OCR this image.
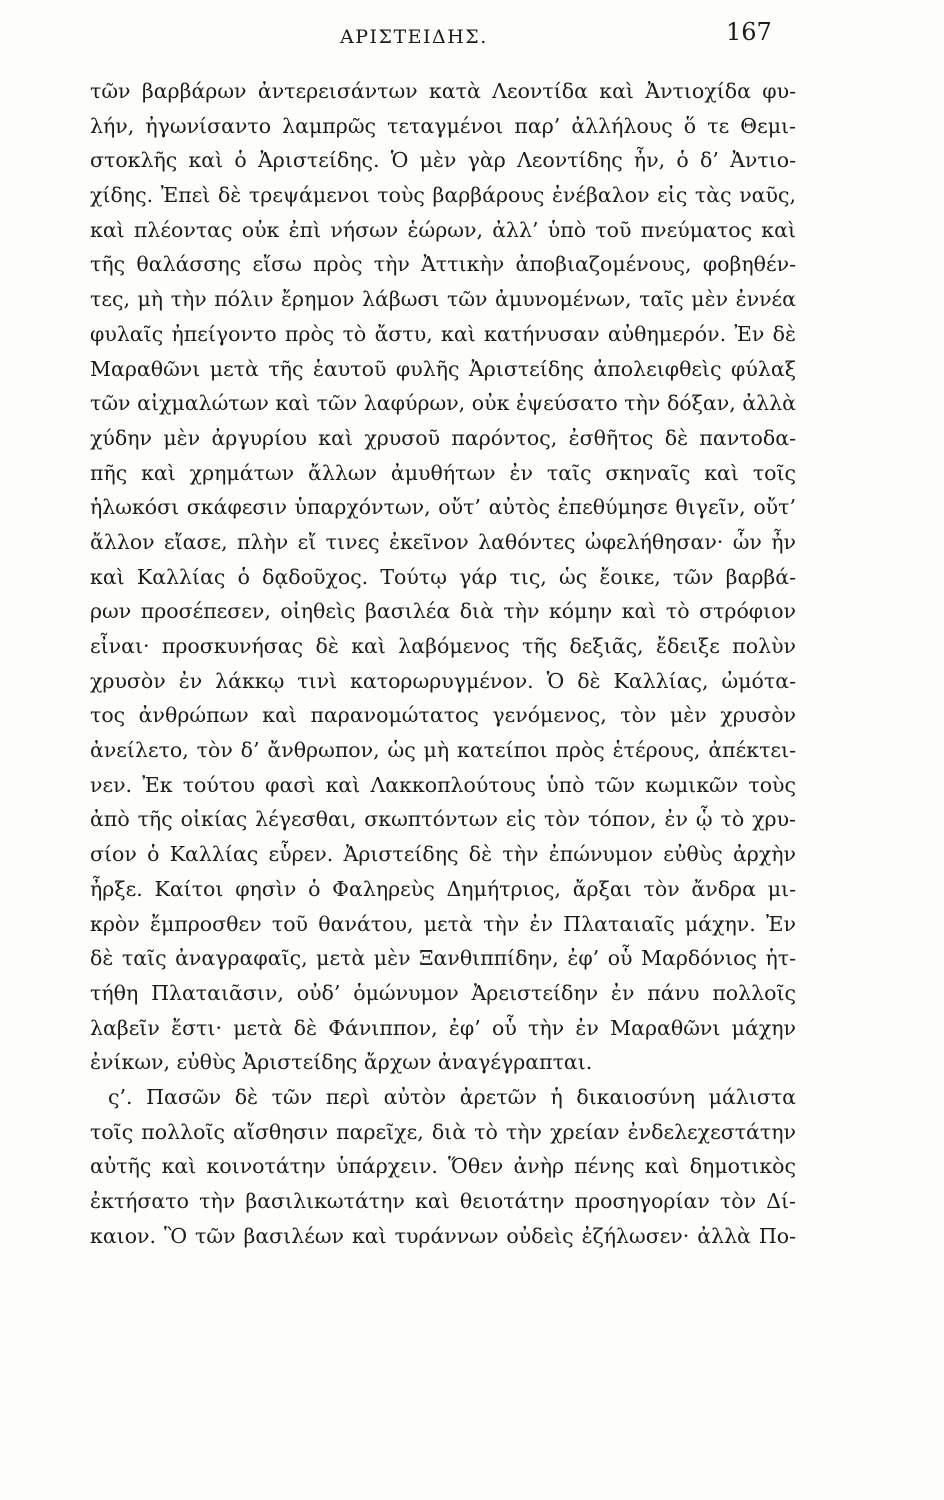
ΑΡΙΣΤΕΙΔΗΣ.	167
τῶν βαρβάρων ἀντερεισάντων κατὰ Λεοντίδα καὶ Ἀντιοχίδα φυ-
λήν, ἠγωνίσαντο λαμπρῶς τεταγμένοι παρ’ ἀλλήλους ὅ τε Θεμι-
στοκλῆς καὶ ὁ Ἀριστείδης. Ὁ μὲν γὰρ Λεοντίδης ἦν, ὁ δ’ Ἀντιο-
χίδης. Ἐπεὶ δὲ τρεψάμενοι τοὺς βαρβάρους ἐνέβαλον εἰς τὰς ναῦς,
καὶ πλέοντας οὐκ ἐπὶ νήσων ἑώρων, ἀλλ’ ὑπὸ τοῦ πνεύματος καὶ
τῆς θαλάσσης εἴσω πρὸς τὴν Ἀττικὴν ἀποβιαζομένους, φοβηθέν-
τες, μὴ τὴν πόλιν ἔρημον λάβωσι τῶν ἀμυνομένων, ταῖς μὲν ἐννέα
φυλαῖς ἠπείγοντο πρὸς τὸ ἄστυ, καὶ κατήνυσαν αὐθημερόν. Ἐν δὲ
Μαραθῶνι μετὰ τῆς ἑαυτοῦ φυλῆς Ἀριστείδης ἀπολειφθεὶς φύλαξ
τῶν αἰχμαλώτων καὶ τῶν λαφύρων, οὐκ ἐψεύσατο τὴν δόξαν, ἀλλὰ
χύδην μὲν ἀργυρίου καὶ χρυσοῦ παρόντος, ἐσθῆτος δὲ παντοδα-
πῆς καὶ χρημάτων ἄλλων ἀμυθήτων ἐν ταῖς σκηναῖς καὶ τοῖς
ἡλωκόσι σκάφεσιν ὑπαρχόντων, οὔτ’ αὐτὸς ἐπεθύμησε θιγεῖν, οὔτ’
ἄλλον εἴασε, πλὴν εἴ τινες ἐκεῖνον λαθόντες ὠφελήθησαν· ὧν ἦν
καὶ Καλλίας ὁ δᾳδοῦχος. Τούτῳ γάρ τις, ὡς ἔοικε, τῶν βαρβά-
ρων προσέπεσεν, οἰηθεὶς βασιλέα διὰ τὴν κόμην καὶ τὸ στρόφιον
εἶναι· προσκυνήσας δὲ καὶ λαβόμενος τῆς δεξιᾶς, ἔδειξε πολὺν
χρυσὸν ἐν λάκκῳ τινὶ κατορωρυγμένον. Ὁ δὲ Καλλίας, ὠμότα-
τος ἀνθρώπων καὶ παρανομώτατος γενόμενος, τὸν μὲν χρυσὸν
ἀνείλετο, τὸν δ’ ἄνθρωπον, ὡς μὴ κατείποι πρὸς ἑτέρους, ἀπέκτει-
νεν. Ἐκ τούτου φασὶ καὶ Λακκοπλούτους ὑπὸ τῶν κωμικῶν τοὺς
ἀπὸ τῆς οἰκίας λέγεσθαι, σκωπτόντων εἰς τὸν τόπον, ἐν ᾧ τὸ χρυ-
σίον ὁ Καλλίας εὗρεν. Ἀριστείδης δὲ τὴν ἐπώνυμον εὐθὺς ἀρχὴν
ἦρξε. Καίτοι φησὶν ὁ Φαληρεὺς Δημήτριος, ἄρξαι τὸν ἄνδρα μι-
κρὸν ἔμπροσθεν τοῦ θανάτου, μετὰ τὴν ἐν Πλαταιαῖς μάχην. Ἐν
δὲ ταῖς ἀναγραφαῖς, μετὰ μὲν Ξανθιππίδην, ἐφ’ οὗ Μαρδόνιος ἡτ-
τήθη Πλαταιᾶσιν, οὐδ’ ὁμώνυμον Ἀρειστείδην ἐν πάνυ πολλοῖς
λαβεῖν ἔστι· μετὰ δὲ Φάνιππον, ἐφ’ οὗ τὴν ἐν Μαραθῶνι μάχην
ἐνίκων, εὐθὺς Ἀριστείδης ἄρχων ἀναγέγραπται.
ς’. Πασῶν δὲ τῶν περὶ αὐτὸν ἀρετῶν ἡ δικαιοσύνη μάλιστα
τοῖς πολλοῖς αἴσθησιν παρεῖχε, διὰ τὸ τὴν χρείαν ἐνδελεχεστάτην
αὐτῆς καὶ κοινοτάτην ὑπάρχειν. Ὅθεν ἀνὴρ πένης καὶ δημοτικὸς
ἐκτήσατο τὴν βασιλικωτάτην καὶ θειοτάτην προσηγορίαν τὸν Δί-
καιον. Ὃ τῶν βασιλέων καὶ τυράννων οὐδεὶς ἐζήλωσεν· ἀλλὰ Πο-
